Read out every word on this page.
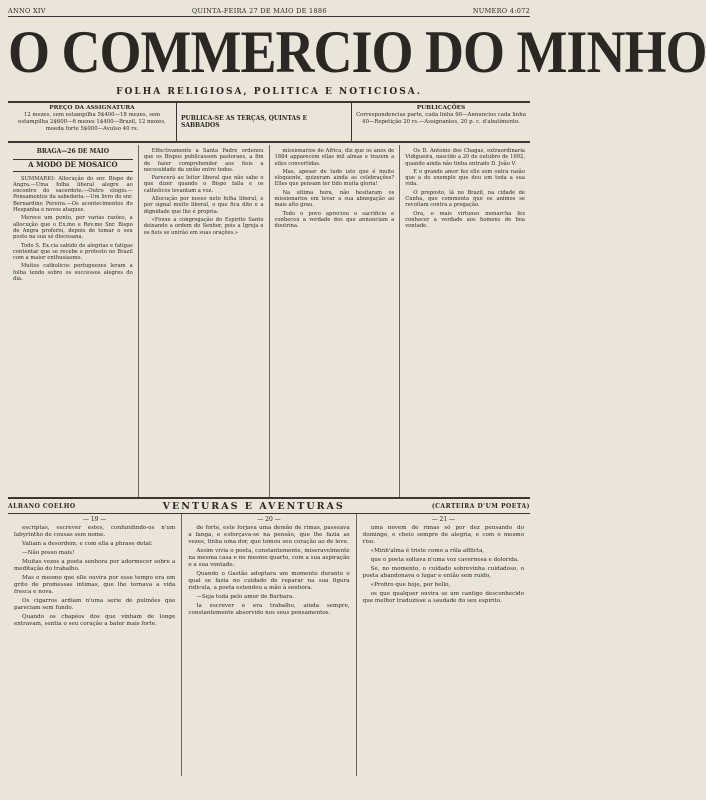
ANNO XIV	QUINTA-FEIRA 27 DE MAIO DE 1886	NUMERO 4:072
O COMMERCIO DO MINHO
FOLHA RELIGIOSA, POLITICA E NOTICIOSA.
PREÇO DA ASSIGNATURA
12 mezes, sem estampilha 5$400—18 mezes, sem estampilha 2$600—6 mezes 1$400—Brazil, 12 mezes, moeda forte 5$000—Avulso 40 rs.
PUBLICA-SE AS TERÇAS, QUINTAS E SABBADOS
PUBLICAÇÕES
Correspondencias parte, cada linha 60—Annuncios cada linha 40—Repetição 20 rs.—Assignantes, 20 p. c. d'abatimento.
BRAGA—26 DE MAIO
A MODO DE MOSAICO

SUMMARIO: Allocução do snr. Bispo de Angra.—Uma folha liberal alegre ao encontro do sacerdote.—Outro elogio.—Pensamentos da sabedoria.—Um livro do snr. Bernardino Pereira.—Os acontecimentos do Hespanha e novos ataques.

Merece um ponto, por varias razões, a allocução que o Ex.mo e Rev.mo Snr. Bispo de Angra proferiu, depois de tomar o seu posto na sua sé diocesana.

Todo S. Ex.cia sabido de alegrias e fatigas contentar que se recebe e protesto no Brazil com a maior enthusiasmo.

Muitos catholicos portuguezes leram a folha tendo sobre os successos alegres do dia.

Effectivamente a Santa Padre ordenou que os Bispos publicassem pastoraes, a fim de fazer comprehender aos fieis a necessidade da união entre todos.

Parecerá ao leitor liberal que não sabe o que dizer quando o Bispo falla e os catholicos levantam a voz.

Allocução por nosso neto folha liberal, e por signal muito liberal, o que fica dito e a dignidade que lhe é propria.

«Fouxe a congregação do Espirito Santo deixando a ordem do Senhor, pois a Igreja e os fieis se unirão em suas orações.»

missionarios de Africa, diz que os anos de 1884 apparecem ellas mil almas e trazem a elles convertidas.

Mas, apesar de tudo isto que é muito eloquente, quizeram ainda as celebrações? Elles que pensam ter tido muita gloria!

Na ultima hora, não hesitaram os missionarios em levar a sua abnegação ao mais alto grau.

Todo o povo apreciou o sacrificio e conheceu a verdade dos que annunciam a doutrina.

Os D. Antonio dos Chagas, extraordinaria Vidigueira, nascido a 20 de outubro de 1692, quando ainda não tinha entrado D. João V.

E o grande amor fez elle sem outra razão que a do exemplo que deu em toda a sua vida.

O preposto, lá no Brazil, na cidade de Cunha, que commenta que os animos se revoltam contra a pregação.

Ora, o mais virtuoso monarcha fez conhecer a verdade aos homens de boa vontade.

ALBANO COELHO	VENTURAS E AVENTURAS	(CARTEIRA D'UM POETA)
— 19 —

escriptas, escrever estes, confundindo-os n'um labyrintho de cousas sem nome.

Valiam a desordem, e com ella a phrase dotal:

—Não posso mais!

Muitas vezes a poeta senhora por adormecer sobre a meditação do trabalho.

Mas o mesmo que elle ouvira por esse tempo era um grito de promessas intimas, que lhe tornava a vida fresca e nova.

Os cigarros ardiam n'uma serie de pulmões que pareciam sem fundo.

Quando os chapéos dos que vinham de longe entravam, sentia o seu coração a bater mais forte.

— 20 —

de forte, este forjava uma demão de rimas, passeava a fanga, e esforçava-se na pensão, que lhe fazia as vezes, tinha uma dor, que tomou seu coração ao de leve.

Assim vivia o poeta, constantemente, miseravelmente na mesma casa e no mesmo quarto, com a sua aspiração e a sua vontade.

Quando o Gastão adoptara um momento duranto o qual se fazia no cuidado de reparar na sua figura ridicula, a poeta estendeu a mão à senhora.

—Seja toda pelo amor de Barbara.

Ia escrever e era trabalho, ainda sempre, constantemente absorvido nos seus pensamentos.

— 21 —

uma nevem de rimas só por dez pensando do domingo, e cheio sempre de alegria, e com o mesmo riso.

«Minh'alma é triste como a rôla afflicta,

que o poeta soltava n'uma voz cavernosa e dolorida.

Se, no momento, o cuidado sobrevinha cuidadoso, o poeta abandonava o lugar e então sem ruido,

«Profiro que hoje, por bello,

os que qualquer ouvira se um cantigo desconhecido que melhor traduzisse a saudade do seu espirito.
